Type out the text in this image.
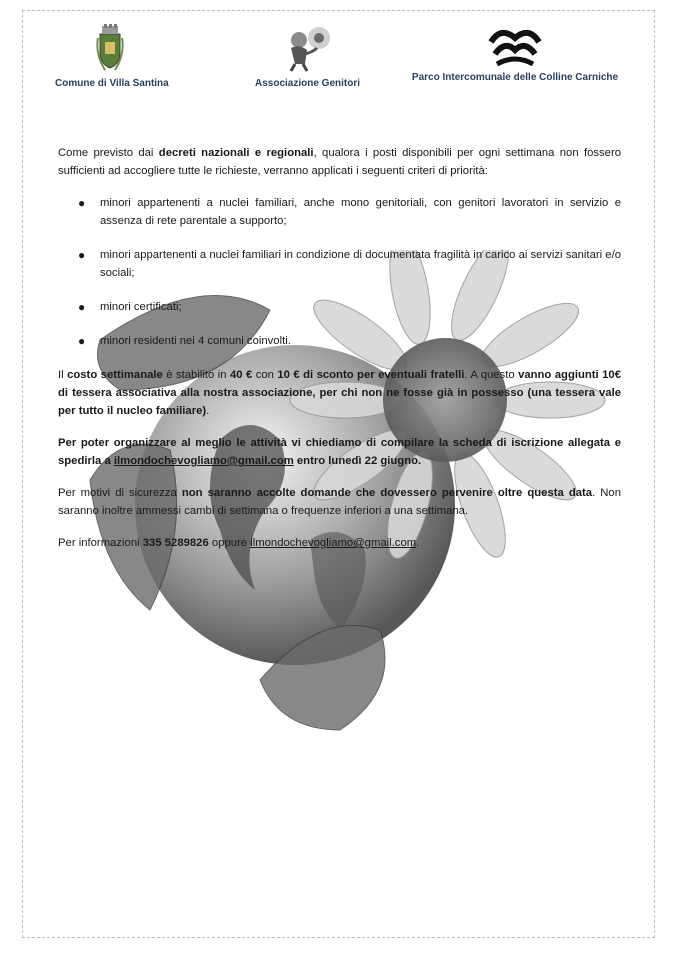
Comune di Villa Santina	Associazione Genitori
Parco Intercomunale delle Colline Carniche

Come previsto dai decreti nazionali e regionali, qualora i posti disponibili per ogni settimana non fossero sufficienti ad accogliere tutte le richieste, verranno applicati i seguenti criteri di priorità:

● minori appartenenti a nuclei familiari, anche mono genitoriali, con genitori lavoratori in servizio e assenza di rete parentale a supporto;
● minori appartenenti a nuclei familiari in condizione di documentata fragilità in carico ai servizi sanitari e/o sociali;
● minori certificati;
● minori residenti nei 4 comuni coinvolti.

Il costo settimanale è stabilito in 40 € con 10 € di sconto per eventuali fratelli. A questo vanno aggiunti 10€ di tessera associativa alla nostra associazione, per chi non ne fosse già in possesso (una tessera vale per tutto il nucleo familiare).

Per poter organizzare al meglio le attività vi chiediamo di compilare la scheda di iscrizione allegata e spedirla a ilmondochevogliamo@gmail.com entro lunedì 22 giugno.

Per motivi di sicurezza non saranno accolte domande che dovessero pervenire oltre questa data. Non saranno inoltre ammessi cambi di settimana o frequenze inferiori a una settimana.

Per informazioni 335 5289826 oppure ilmondochevogliamo@gmail.com.
